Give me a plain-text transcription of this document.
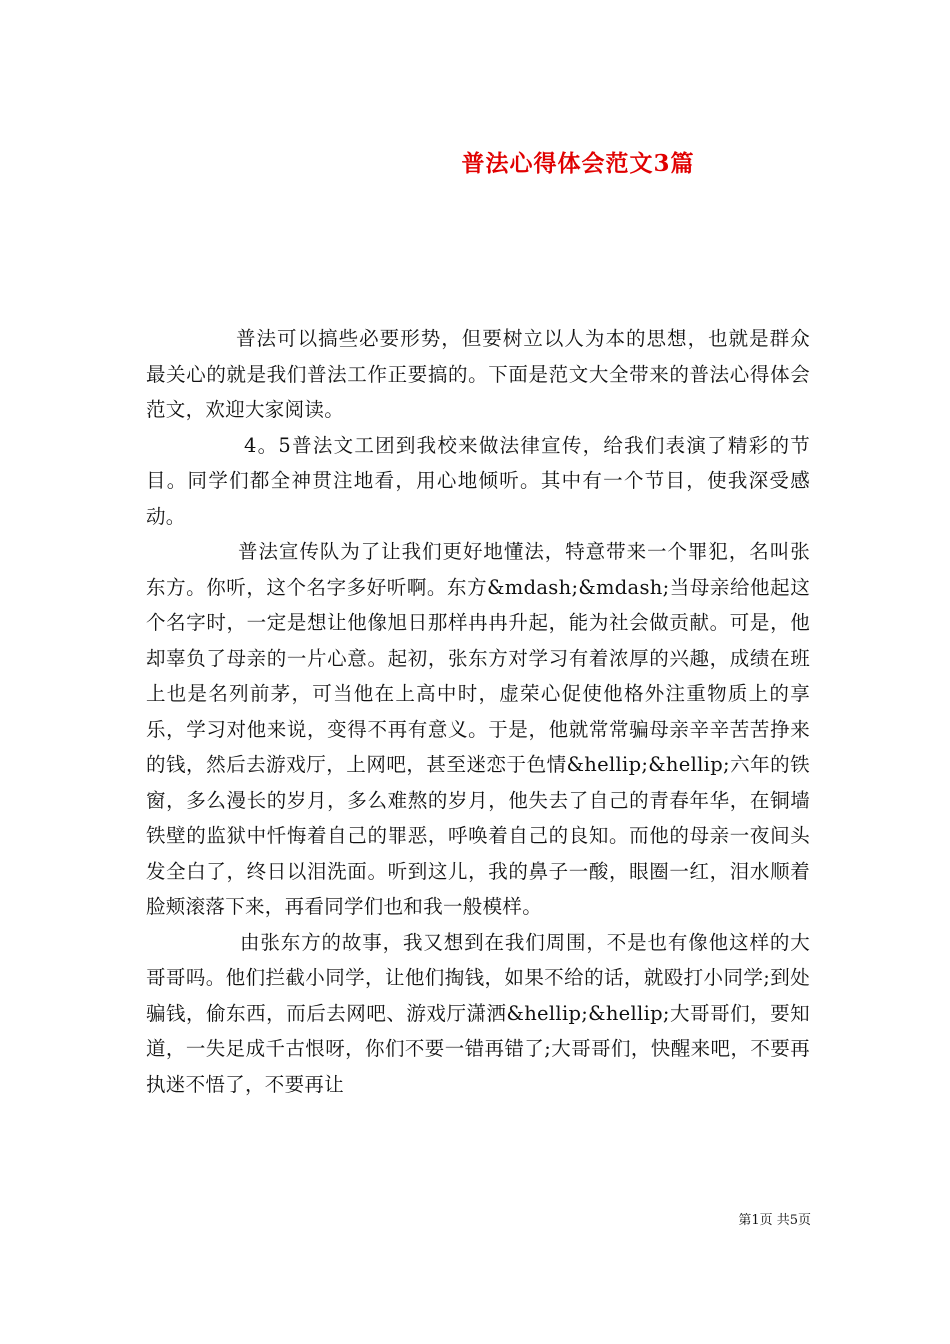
普法心得体会范文3篇

普法可以搞些必要形势，但要树立以人为本的思想，也就是群众最关心的就是我们普法工作正要搞的。下面是范文大全带来的普法心得体会范文，欢迎大家阅读。

4。5普法文工团到我校来做法律宣传，给我们表演了精彩的节目。同学们都全神贯注地看，用心地倾听。其中有一个节目，使我深受感动。

普法宣传队为了让我们更好地懂法，特意带来一个罪犯，名叫张东方。你听，这个名字多好听啊。东方&mdash;&mdash;当母亲给他起这个名字时，一定是想让他像旭日那样冉冉升起，能为社会做贡献。可是，他却辜负了母亲的一片心意。起初，张东方对学习有着浓厚的兴趣，成绩在班上也是名列前茅，可当他在上高中时，虚荣心促使他格外注重物质上的享乐，学习对他来说，变得不再有意义。于是，他就常常骗母亲辛辛苦苦挣来的钱，然后去游戏厅，上网吧，甚至迷恋于色情&hellip;&hellip;六年的铁窗，多么漫长的岁月，多么难熬的岁月，他失去了自己的青春年华，在铜墙铁壁的监狱中忏悔着自己的罪恶，呼唤着自己的良知。而他的母亲一夜间头发全白了，终日以泪洗面。听到这儿，我的鼻子一酸，眼圈一红，泪水顺着脸颊滚落下来，再看同学们也和我一般模样。

由张东方的故事，我又想到在我们周围，不是也有像他这样的大哥哥吗。他们拦截小同学，让他们掏钱，如果不给的话，就殴打小同学;到处骗钱，偷东西，而后去网吧、游戏厅潇洒&hellip;&hellip;大哥哥们，要知道，一失足成千古恨呀，你们不要一错再错了;大哥哥们，快醒来吧，不要再执迷不悟了，不要再让

第1页 共5页
